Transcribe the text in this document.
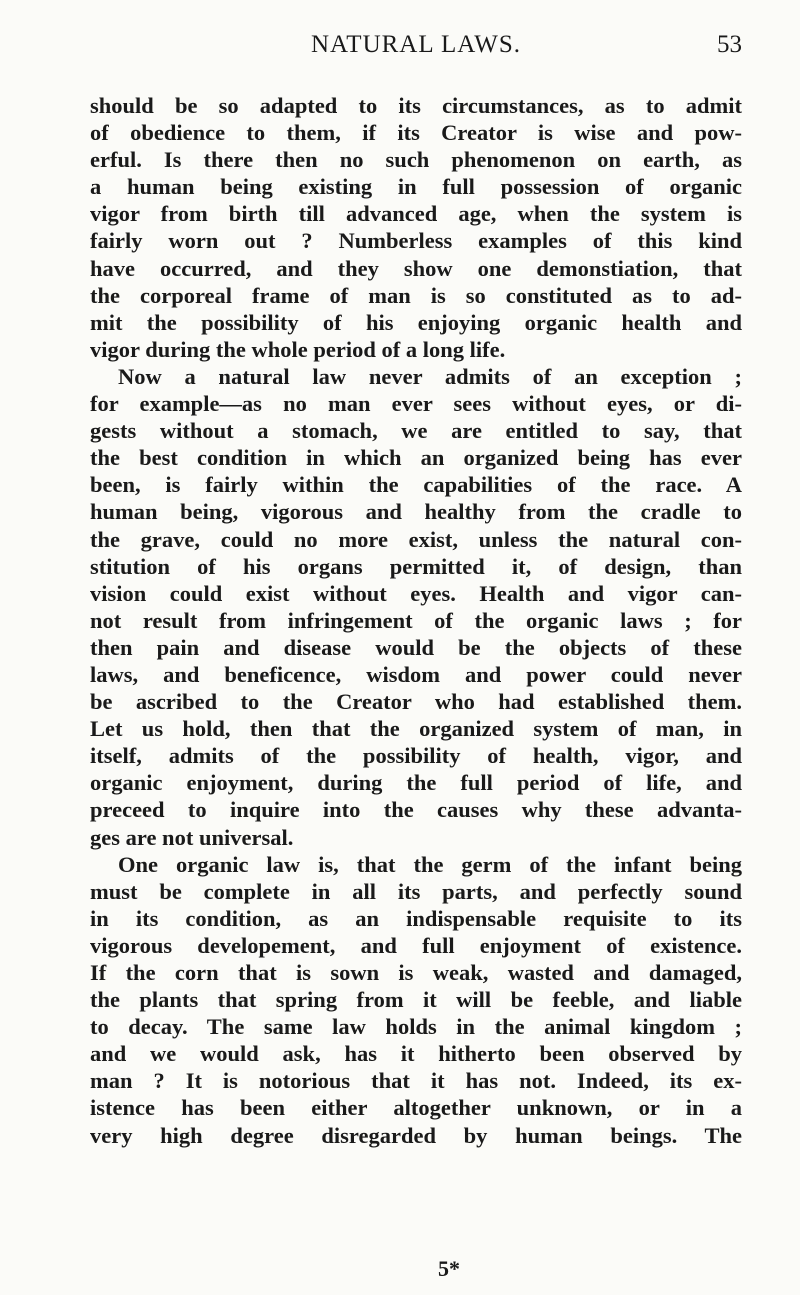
NATURAL LAWS.	53
should be so adapted to its circumstances, as to admit
of obedience to them, if its Creator is wise and pow-
erful. Is there then no such phenomenon on earth, as
a human being existing in full possession of organic
vigor from birth till advanced age, when the system is
fairly worn out ? Numberless examples of this kind
have occurred, and they show one demonstiation, that
the corporeal frame of man is so constituted as to ad-
mit the possibility of his enjoying organic health and
vigor during the whole period of a long life.
Now a natural law never admits of an exception ;
for example—as no man ever sees without eyes, or di-
gests without a stomach, we are entitled to say, that
the best condition in which an organized being has ever
been, is fairly within the capabilities of the race. A
human being, vigorous and healthy from the cradle to
the grave, could no more exist, unless the natural con-
stitution of his organs permitted it, of design, than
vision could exist without eyes. Health and vigor can-
not result from infringement of the organic laws ; for
then pain and disease would be the objects of these
laws, and beneficence, wisdom and power could never
be ascribed to the Creator who had established them.
Let us hold, then that the organized system of man, in
itself, admits of the possibility of health, vigor, and
organic enjoyment, during the full period of life, and
preceed to inquire into the causes why these advanta-
ges are not universal.
One organic law is, that the germ of the infant being
must be complete in all its parts, and perfectly sound
in its condition, as an indispensable requisite to its
vigorous developement, and full enjoyment of existence.
If the corn that is sown is weak, wasted and damaged,
the plants that spring from it will be feeble, and liable
to decay. The same law holds in the animal kingdom ;
and we would ask, has it hitherto been observed by
man ? It is notorious that it has not. Indeed, its ex-
istence has been either altogether unknown, or in a
very high degree disregarded by human beings. The
5*
